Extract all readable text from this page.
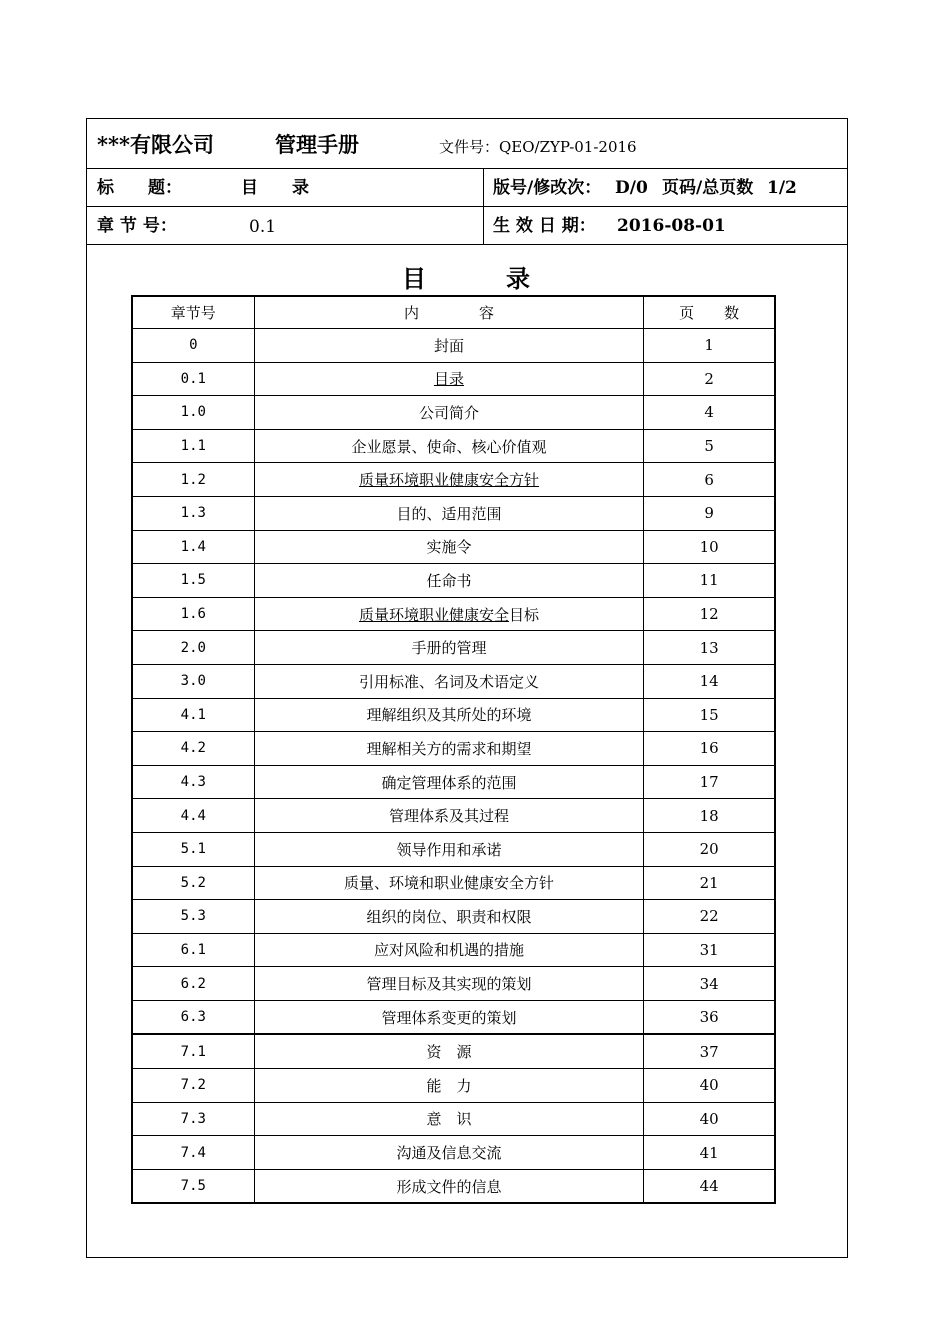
***有限公司	管理手册	文件号：QEO/ZYP-01-2016
标　　题：	目　　录	版号/修改次： D/0 页码/总页数 1/2
章 节 号：	0.1	生 效 日 期： 2016-08-01
目　　　录
章节号	内　　　　容	页　　数
0	封面	1
0.1	目录	2
1.0	公司简介	4
1.1	企业愿景、使命、核心价值观	5
1.2	质量环境职业健康安全方针	6
1.3	目的、适用范围	9
1.4	实施令	10
1.5	任命书	11
1.6	质量环境职业健康安全目标	12
2.0	手册的管理	13
3.0	引用标准、名词及术语定义	14
4.1	理解组织及其所处的环境	15
4.2	理解相关方的需求和期望	16
4.3	确定管理体系的范围	17
4.4	管理体系及其过程	18
5.1	领导作用和承诺	20
5.2	质量、环境和职业健康安全方针	21
5.3	组织的岗位、职责和权限	22
6.1	应对风险和机遇的措施	31
6.2	管理目标及其实现的策划	34
6.3	管理体系变更的策划	36
7.1	资　源	37
7.2	能　力	40
7.3	意　识	40
7.4	沟通及信息交流	41
7.5	形成文件的信息	44
